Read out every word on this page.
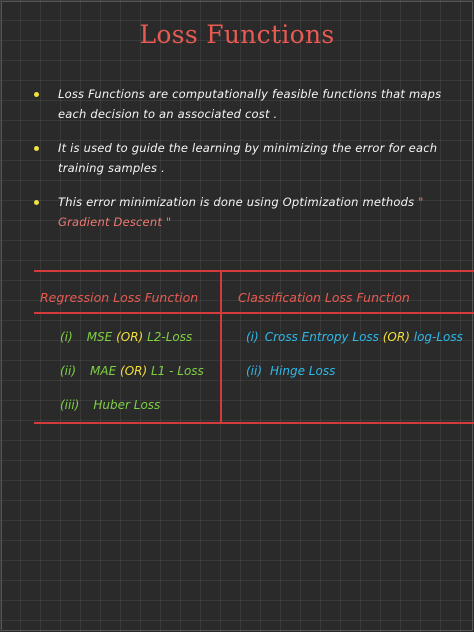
Loss Functions
Loss Functions are computationally feasible functions that maps each decision to an associated cost .
It is used to guide the learning by minimizing the error for each training samples .
This error minimization is done using Optimization methods " Gradient Descent "
Regression Loss Function	Classification Loss Function
(i) MSE (OR) L2-Loss
(ii) MAE (OR) L1 - Loss
(iii) Huber Loss
(i) Cross Entropy Loss (OR) log-Loss
(ii) Hinge Loss
